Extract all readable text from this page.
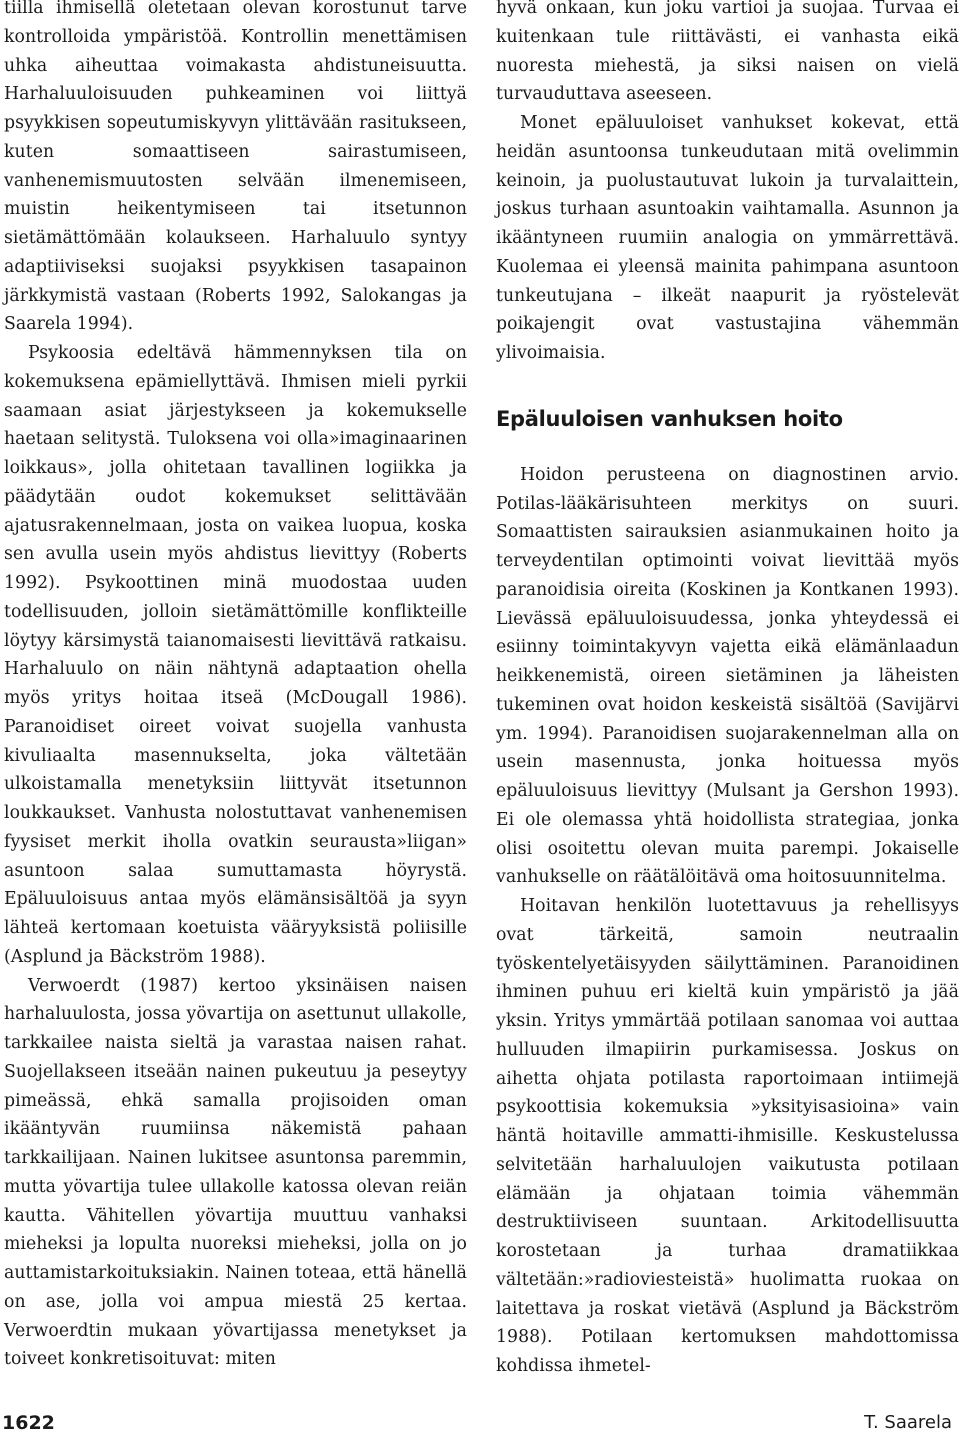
tiilla ihmisellä oletetaan olevan korostunut tarve kontrolloida ympäristöä. Kontrollin menettämisen uhka aiheuttaa voimakasta ahdistuneisuutta. Harhaluuloisuuden puhkeaminen voi liittyä psyykkisen sopeutumiskyvyn ylittävään rasitukseen, kuten somaattiseen sairastumiseen, vanhenemismuutosten selvään ilmenemiseen, muistin heikentymiseen tai itsetunnon sietämättömään kolaukseen. Harhaluulo syntyy adaptiiviseksi suojaksi psyykkisen tasapainon järkkymistä vastaan (Roberts 1992, Salokangas ja Saarela 1994).

Psykoosia edeltävä hämmennyksen tila on kokemuksena epämiellyttävä. Ihmisen mieli pyrkii saamaan asiat järjestykseen ja kokemukselle haetaan selitystä. Tuloksena voi olla»imaginaarinen loikkaus», jolla ohitetaan tavallinen logiikka ja päädytään oudot kokemukset selittävään ajatusrakennelmaan, josta on vaikea luopua, koska sen avulla usein myös ahdistus lievittyy (Roberts 1992). Psykoottinen minä muodostaa uuden todellisuuden, jolloin sietämättömille konflikteille löytyy kärsimystä taianomaisesti lievittävä ratkaisu. Harhaluulo on näin nähtynä adaptaation ohella myös yritys hoitaa itseä (McDougall 1986). Paranoidiset oireet voivat suojella vanhusta kivuliaalta masennukselta, joka vältetään ulkoistamalla menetyksiin liittyvät itsetunnon loukkaukset. Vanhusta nolostuttavat vanhenemisen fyysiset merkit iholla ovatkin seurausta»liigan» asuntoon salaa sumuttamasta höyrystä. Epäluuloisuus antaa myös elämänsisältöä ja syyn lähteä kertomaan koetuista vääryyksistä poliisille (Asplund ja Bäckström 1988).

Verwoerdt (1987) kertoo yksinäisen naisen harhaluulosta, jossa yövartija on asettunut ullakolle, tarkkailee naista sieltä ja varastaa naisen rahat. Suojellakseen itseään nainen pukeutuu ja peseytyy pimeässä, ehkä samalla projisoiden oman ikääntyvän ruumiinsa näkemistä pahaan tarkkailijaan. Nainen lukitsee asuntonsa paremmin, mutta yövartija tulee ullakolle katossa olevan reiän kautta. Vähitellen yövartija muuttuu vanhaksi mieheksi ja lopulta nuoreksi mieheksi, jolla on jo auttamistarkoituksiakin. Nainen toteaa, että hänellä on ase, jolla voi ampua miestä 25 kertaa. Verwoerdtin mukaan yövartijassa menetykset ja toiveet konkretisoituvat: miten

hyvä onkaan, kun joku vartioi ja suojaa. Turvaa ei kuitenkaan tule riittävästi, ei vanhasta eikä nuoresta miehestä, ja siksi naisen on vielä turvauduttava aseeseen.

Monet epäluuloiset vanhukset kokevat, että heidän asuntoonsa tunkeudutaan mitä ovelimmin keinoin, ja puolustautuvat lukoin ja turvalaittein, joskus turhaan asuntoakin vaihtamalla. Asunnon ja ikääntyneen ruumiin analogia on ymmärrettävä. Kuolemaa ei yleensä mainita pahimpana asuntoon tunkeutujana – ilkeät naapurit ja ryöstelevät poikajengit ovat vastustajina vähemmän ylivoimaisia.

Epäluuloisen vanhuksen hoito

Hoidon perusteena on diagnostinen arvio. Potilas-lääkärisuhteen merkitys on suuri. Somaattisten sairauksien asianmukainen hoito ja terveydentilan optimointi voivat lievittää myös paranoidisia oireita (Koskinen ja Kontkanen 1993). Lievässä epäluuloisuudessa, jonka yhteydessä ei esiinny toimintakyvyn vajetta eikä elämänlaadun heikkenemistä, oireen sietäminen ja läheisten tukeminen ovat hoidon keskeistä sisältöä (Savijärvi ym. 1994). Paranoidisen suojarakennelman alla on usein masennusta, jonka hoituessa myös epäluuloisuus lievittyy (Mulsant ja Gershon 1993). Ei ole olemassa yhtä hoidollista strategiaa, jonka olisi osoitettu olevan muita parempi. Jokaiselle vanhukselle on räätälöitävä oma hoitosuunnitelma.

Hoitavan henkilön luotettavuus ja rehellisyys ovat tärkeitä, samoin neutraalin työskentelyetäisyyden säilyttäminen. Paranoidinen ihminen puhuu eri kieltä kuin ympäristö ja jää yksin. Yritys ymmärtää potilaan sanomaa voi auttaa hulluuden ilmapiirin purkamisessa. Joskus on aihetta ohjata potilasta raportoimaan intiimejä psykoottisia kokemuksia »yksityisasioina» vain häntä hoitaville ammatti-ihmisille. Keskustelussa selvitetään harhaluulojen vaikutusta potilaan elämään ja ohjataan toimia vähemmän destruktiiviseen suuntaan. Arkitodellisuutta korostetaan ja turhaa dramatiikkaa vältetään:»radioviesteistä» huolimatta ruokaa on laitettava ja roskat vietävä (Asplund ja Bäckström 1988). Potilaan kertomuksen mahdottomissa kohdissa ihmetel-

1622	T. Saarela
